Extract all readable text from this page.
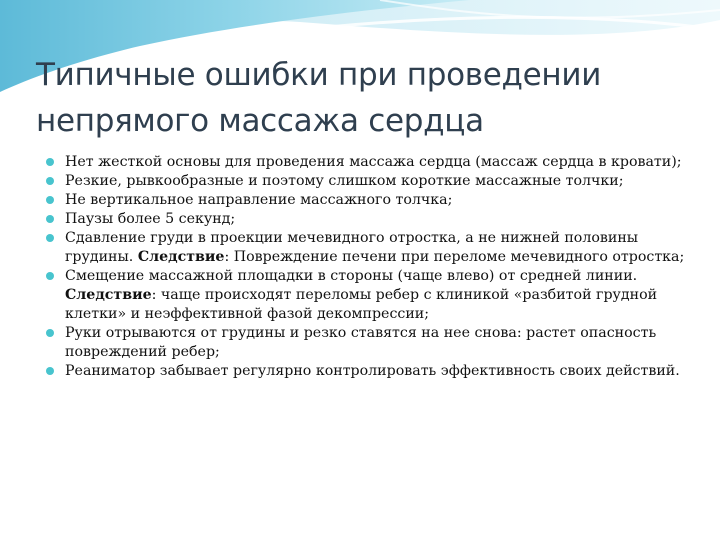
Типичные ошибки при проведении
непрямого массажа сердца
Нет жесткой основы для проведения массажа сердца (массаж сердца в кровати);
Резкие, рывкообразные и поэтому слишком короткие массажные толчки;
Не вертикальное направление массажного толчка;
Паузы более 5 секунд;
Сдавление груди в проекции мечевидного отростка, а не нижней половины грудины. Следствие: Повреждение печени при переломе мечевидного отростка;
Смещение массажной площадки в стороны (чаще влево) от средней линии. Следствие: чаще происходят переломы ребер с клиникой «разбитой грудной клетки» и неэффективной фазой декомпрессии;
Руки отрываются от грудины и резко ставятся на нее снова: растет опасность повреждений ребер;
Реаниматор забывает регулярно контролировать эффективность своих действий.
